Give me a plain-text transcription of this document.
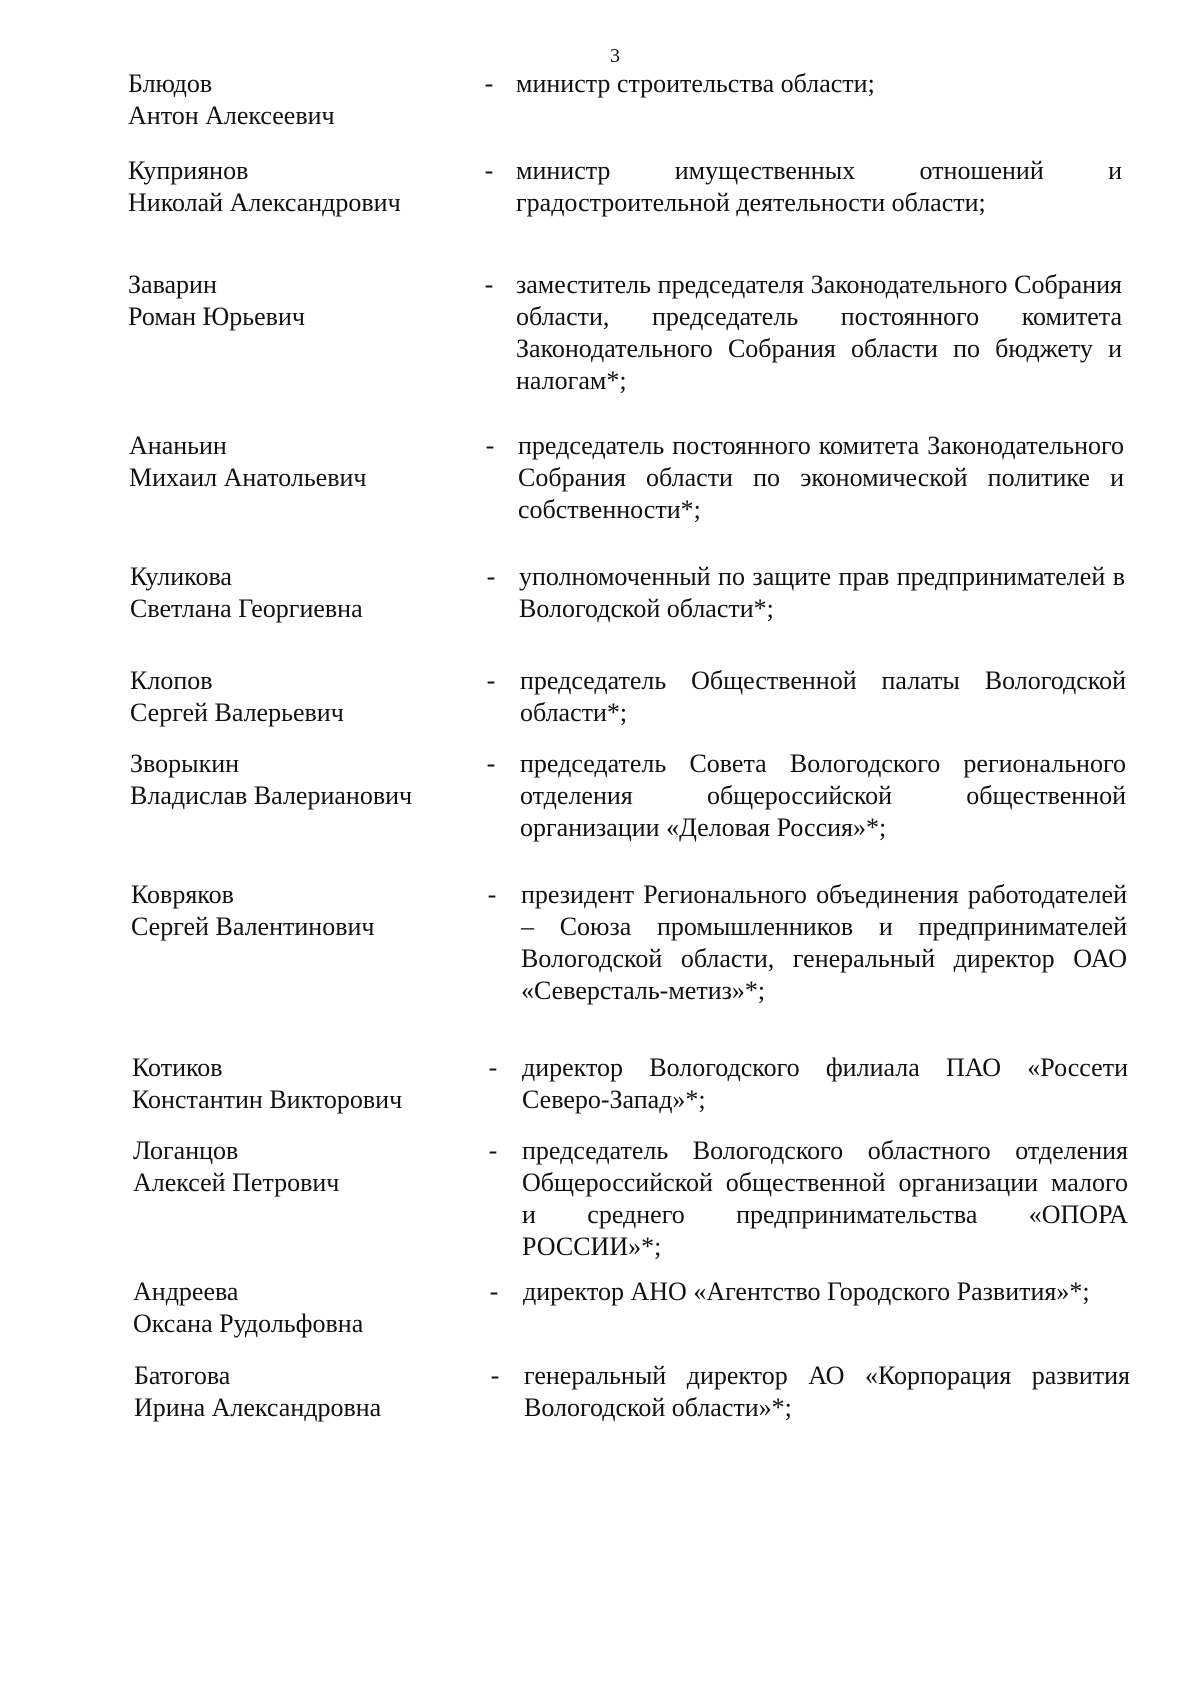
3
Блюдов
Антон Алексеевич
- министр строительства области;
Куприянов
Николай Александрович
- министр имущественных отношений и градостроительной деятельности области;
Заварин
Роман Юрьевич
- заместитель председателя Законодательного Собрания области, председатель постоянного комитета Законодательного Собрания области по бюджету и налогам*;
Ананьин
Михаил Анатольевич
- председатель постоянного комитета Законодательного Собрания области по экономической политике и собственности*;
Куликова
Светлана Георгиевна
- уполномоченный по защите прав предпринимателей в Вологодской области*;
Клопов
Сергей Валерьевич
- председатель Общественной палаты Вологодской области*;
Зворыкин
Владислав Валерианович
- председатель Совета Вологодского регионального отделения общероссийской общественной организации «Деловая Россия»*;
Ковряков
Сергей Валентинович
- президент Регионального объединения работодателей – Союза промышленников и предпринимателей Вологодской области, генеральный директор ОАО «Северсталь-метиз»*;
Котиков
Константин Викторович
- директор Вологодского филиала ПАО «Россети Северо-Запад»*;
Логанцов
Алексей Петрович
- председатель Вологодского областного отделения Общероссийской общественной организации малого и среднего предпринимательства «ОПОРА РОССИИ»*;
Андреева
Оксана Рудольфовна
- директор АНО «Агентство Городского Развития»*;
Батогова
Ирина Александровна
- генеральный директор АО «Корпорация развития Вологодской области»*;
